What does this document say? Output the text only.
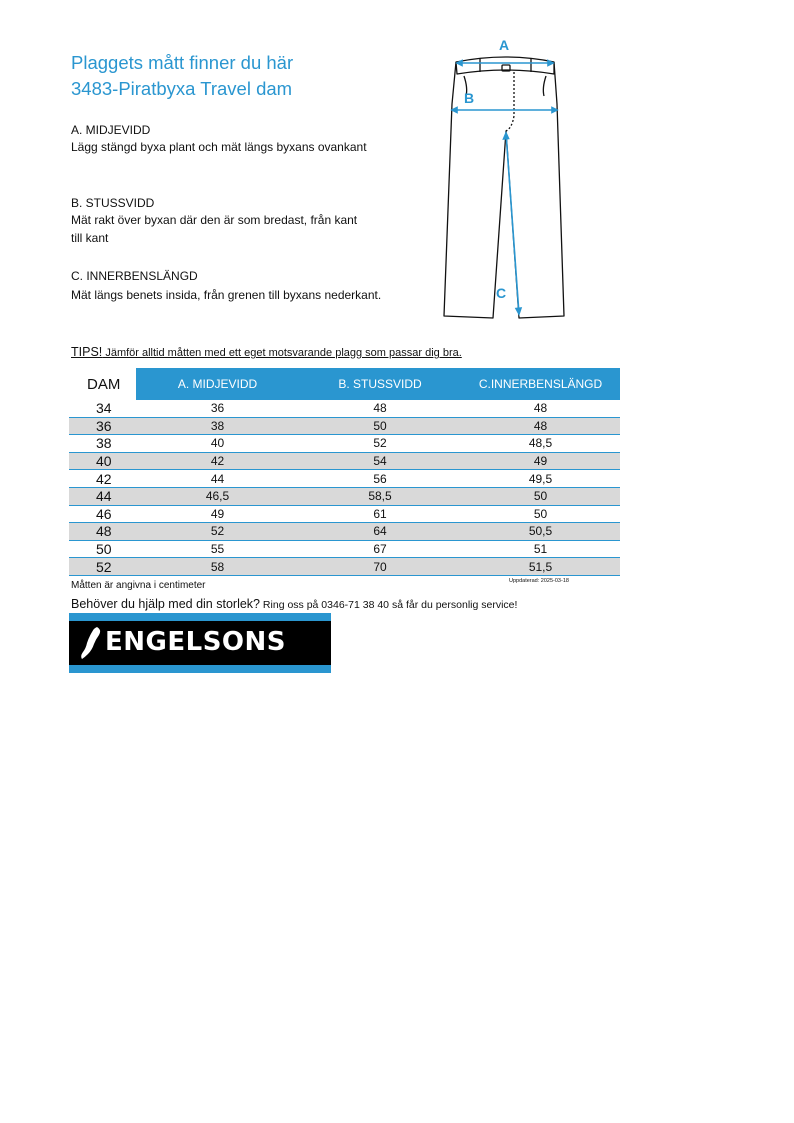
Plaggets mått finner du här
3483-Piratbyxa Travel dam
A. MIDJEVIDD
Lägg stängd byxa plant och mät längs byxans ovankant
B. STUSSVIDD
Mät rakt över byxan där den är som bredast, från kant till kant
C. INNERBENSLÄNGD
Mät längs benets insida, från grenen till byxans nederkant.
A
B
C
TIPS! Jämför alltid måtten med ett eget motsvarande plagg som passar dig bra.
DAM	A. MIDJEVIDD	B. STUSSVIDD	C.INNERBENSLÄNGD
34	36	48	48
36	38	50	48
38	40	52	48,5
40	42	54	49
42	44	56	49,5
44	46,5	58,5	50
46	49	61	50
48	52	64	50,5
50	55	67	51
52	58	70	51,5
Måtten är angivna i centimeter	Uppdaterad: 2025-03-18
Behöver du hjälp med din storlek? Ring oss på 0346-71 38 40 så får du personlig service!
ENGELSONS
